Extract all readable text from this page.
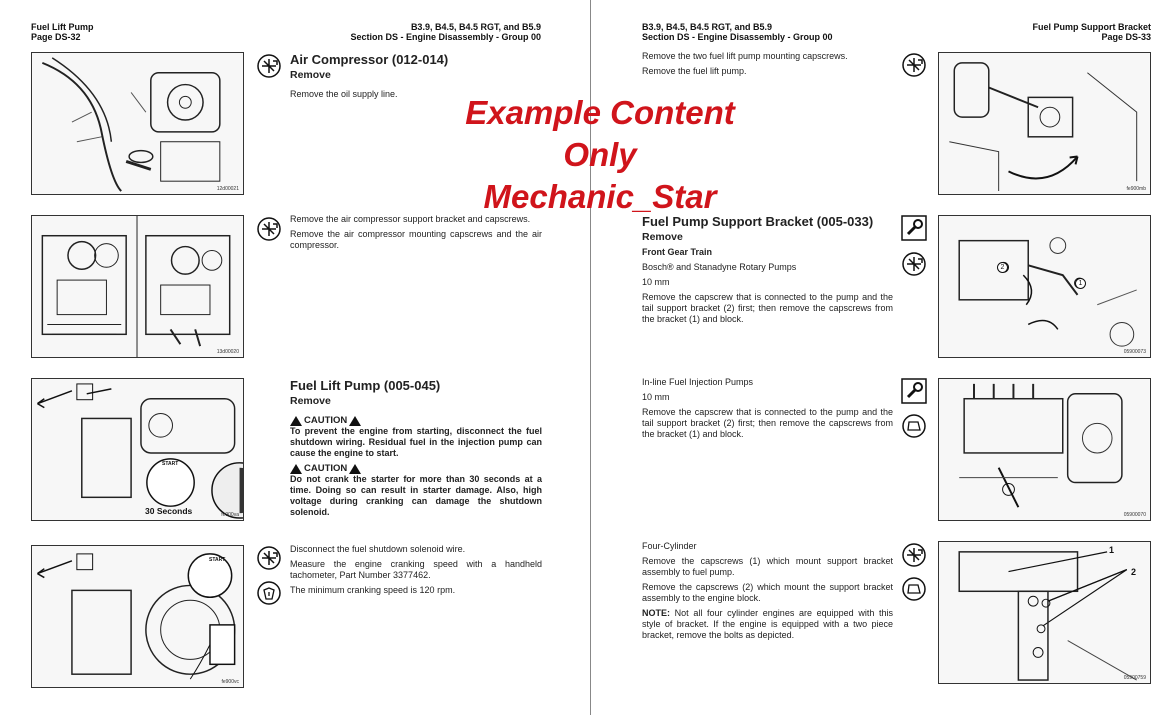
Fuel Lift Pump
Page DS-32
B3.9, B4.5, B4.5 RGT, and B5.9
Section DS - Engine Disassembly - Group 00
12d00021
Air Compressor (012-014)
Remove

Remove the oil supply line.

13d00020

Remove the air compressor support bracket and capscrews.

Remove the air compressor mounting capscrews and the air compressor.

30 Seconds
START
fe900va
Fuel Lift Pump (005-045)
Remove
CAUTION
To prevent the engine from starting, disconnect the fuel shutdown wiring. Residual fuel in the injection pump can cause the engine to start.
CAUTION
Do not crank the starter for more than 30 seconds at a time. Doing so can result in starter damage. Also, high voltage during cranking can damage the shutdown solenoid.
START
fe900vc

Disconnect the fuel shutdown solenoid wire.

Measure the engine cranking speed with a handheld tachometer, Part Number 3377462.

The minimum cranking speed is 120 rpm.

B3.9, B4.5, B4.5 RGT, and B5.9
Section DS - Engine Disassembly - Group 00
Fuel Pump Support Bracket
Page DS-33

Remove the two fuel lift pump mounting capscrews.

Remove the fuel lift pump.

fe900mb
Fuel Pump Support Bracket (005-033)
Remove

Front Gear Train

Bosch® and Stanadyne Rotary Pumps

10 mm

Remove the capscrew that is connected to the pump and the tail support bracket (2) first; then remove the capscrews from the bracket (1) and block.

2
1
05900073

In-line Fuel Injection Pumps

10 mm

Remove the capscrew that is connected to the pump and the tail support bracket (2) first; then remove the capscrews from the bracket (1) and block.

05900070

Four-Cylinder

Remove the capscrews (1) which mount support bracket assembly to fuel pump.

Remove the capscrews (2) which mount the support bracket assembly to the engine block.

NOTE: Not all four cylinder engines are equipped with this style of bracket. If the engine is equipped with a two piece bracket, remove the bolts as depicted.

1
2
05900759
Example Content
Only
Mechanic_Star
